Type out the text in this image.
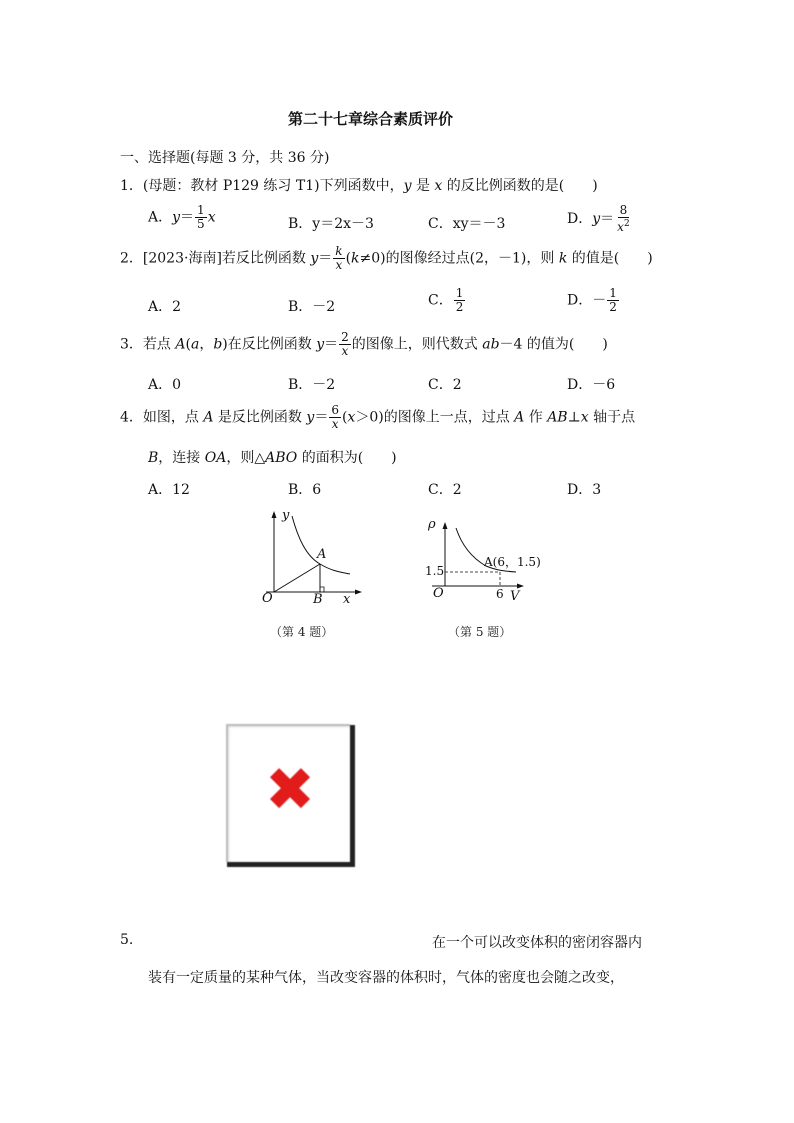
第二十七章综合素质评价
一、选择题(每题 3 分，共 36 分)
1．(母题：教材 P129 练习 T1)下列函数中，y 是 x 的反比例函数的是(　　)
A．$y= \frac{1}{5}$ x	B．y＝2x－3	C．xy＝－3	D．$y= \frac{8}{x^2}$
2．[2023·海南]若反比例函数 $y= \frac{k}{x} (k\ne 0)$的图像经过点(2，－1)，则 k 的值是(　　)
A．2	B．－2	C． $\frac{1}{2}$	D．－ $\frac{1}{2}$
3．若点 A(a，b)在反比例函数 $y= \frac{2}{x}$ 的图像上，则代数式 ab－4 的值为(　　)
A．0	B．－2	C．2	D．－6
4．如图，点 A 是反比例函数 $y= \frac{6}{x} (x>0)$的图像上一点，过点 A 作 AB⊥x 轴于点
B，连接 OA，则△ABO 的面积为(　　)
A．12	B．6	C．2	D．3
y
x
O
A
B
（第 4 题）
ρ
V
O
A(6，1.5)
1.5
6
（第 5 题）
✖
5.	在一个可以改变体积的密闭容器内
装有一定质量的某种气体，当改变容器的体积时，气体的密度也会随之改变，
